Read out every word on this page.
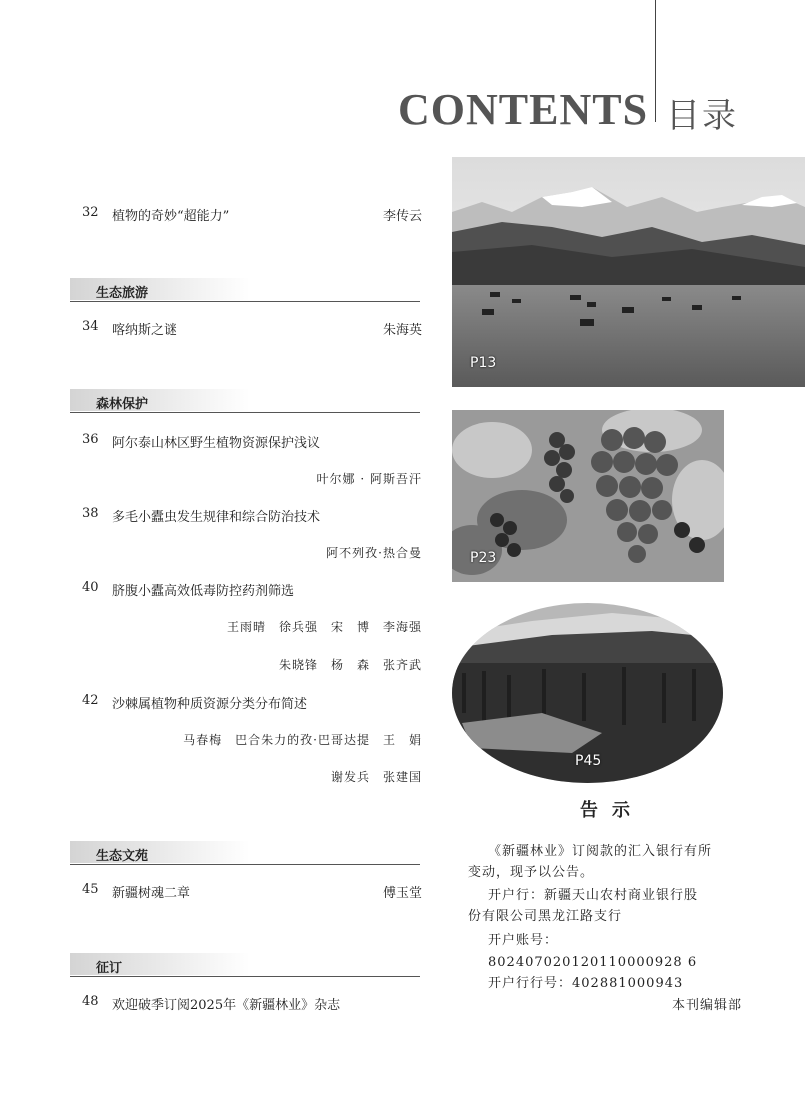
CONTENTS 目录
32 植物的奇妙“超能力”	李传云
生态旅游
34 喀纳斯之谜	朱海英
森林保护
36 阿尔泰山林区野生植物资源保护浅议
叶尔娜 · 阿斯吾汗
38 多毛小蠹虫发生规律和综合防治技术
阿不列孜·热合曼
40 脐腹小蠹高效低毒防控药剂筛选
王雨晴　徐兵强　宋　博　李海强
朱晓锋　杨　森　张齐武
42 沙棘属植物种质资源分类分布简述
马春梅　巴合朱力的孜·巴哥达提　王　娟
谢发兵　张建国
生态文苑
45 新疆树魂二章	傅玉堂
征订
48 欢迎破季订阅2025年《新疆林业》杂志
P13
P23
P45
告示
《新疆林业》订阅款的汇入银行有所
变动，现予以公告。
开户行：新疆天山农村商业银行股
份有限公司黑龙江路支行
开户账号：
802407020120110000928 6
开户行行号：402881000943
本刊编辑部
